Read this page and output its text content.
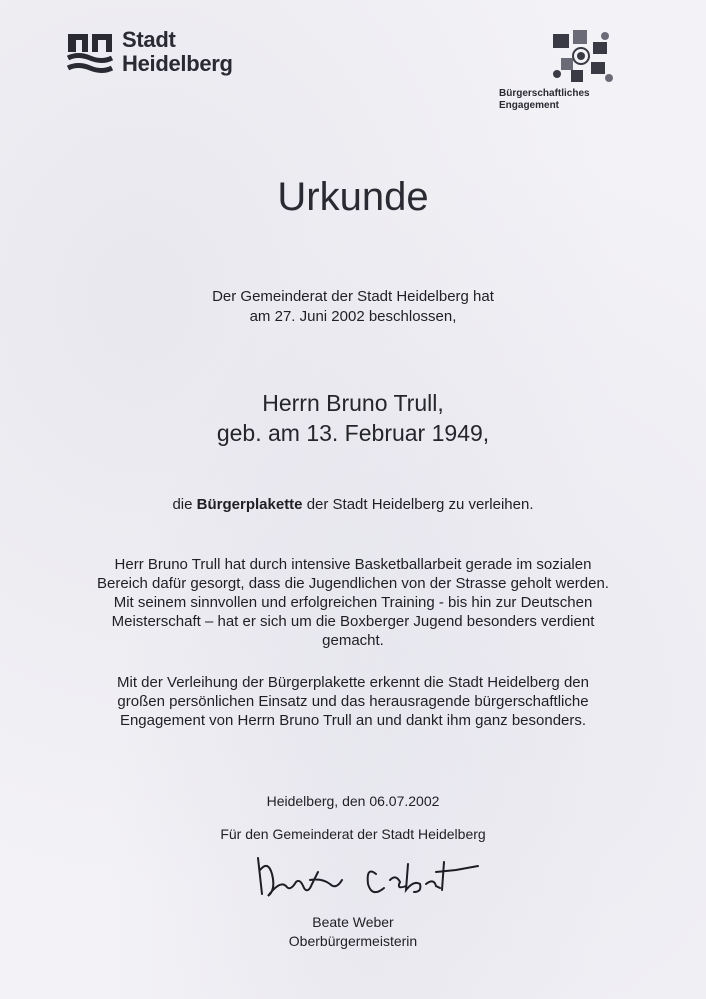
Stadt
Heidelberg
Bürgerschaftliches
Engagement
Urkunde
Der Gemeinderat der Stadt Heidelberg hat
am 27. Juni 2002 beschlossen,
Herrn Bruno Trull,
geb. am 13. Februar 1949,
die Bürgerplakette der Stadt Heidelberg zu verleihen.
Herr Bruno Trull hat durch intensive Basketballarbeit gerade im sozialen
Bereich dafür gesorgt, dass die Jugendlichen von der Strasse geholt werden.
Mit seinem sinnvollen und erfolgreichen Training - bis hin zur Deutschen
Meisterschaft – hat er sich um die Boxberger Jugend besonders verdient
gemacht.
Mit der Verleihung der Bürgerplakette erkennt die Stadt Heidelberg den
großen persönlichen Einsatz und das herausragende bürgerschaftliche
Engagement von Herrn Bruno Trull an und dankt ihm ganz besonders.
Heidelberg, den 06.07.2002
Für den Gemeinderat der Stadt Heidelberg
Beate Weber
Oberbürgermeisterin
